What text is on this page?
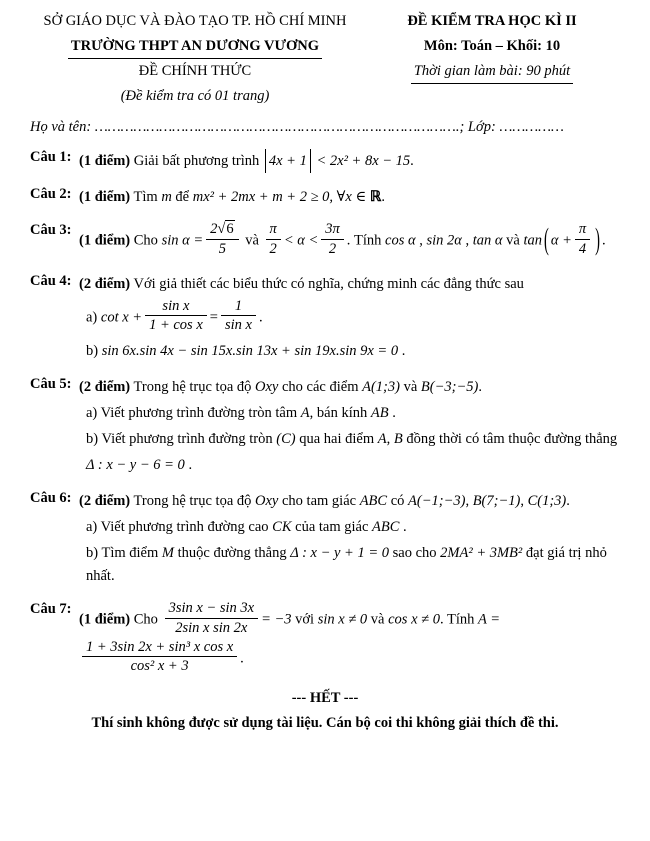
SỞ GIÁO DỤC VÀ ĐÀO TẠO TP. HỒ CHÍ MINH
TRƯỜNG THPT AN DƯƠNG VƯƠNG
ĐỀ CHÍNH THỨC
(Đề kiểm tra có 01 trang)
ĐỀ KIỂM TRA HỌC KÌ II
Môn: Toán – Khối: 10
Thời gian làm bài: 90 phút
Họ và tên: ………………………………………………………………………….; Lớp: ……………
Câu 1: (1 điểm) Giải bất phương trình 4x + 1 < 2x² + 8x − 15.
Câu 2: (1 điểm) Tìm m để mx² + 2mx + m + 2 ≥ 0, ∀x ∈ ℝ.
Câu 3:
(1 điểm) Cho $\sin \alpha = \frac{2√6}{5}$ và $\frac{\pi}{2} < \alpha < \frac{3\pi}{2}$ . Tính cos α , sin 2α , tan α và tan ( $\alpha + \frac{\pi}{4}$ ) .
Câu 4: (2 điểm) Với giả thiết các biểu thức có nghĩa, chứng minh các đẳng thức sau
a) $\cot x + \frac{\text{sin x}}{\text{1 + cos x}} = \frac{1}{\text{sin x}}$ .
b) sin 6x.sin 4x − sin 15x.sin 13x + sin 19x.sin 9x = 0 .
Câu 5: (2 điểm) Trong hệ trục tọa độ Oxy cho các điểm A(1;3) và B(−3;−5).
a) Viết phương trình đường tròn tâm A, bán kính AB .
b) Viết phương trình đường tròn (C) qua hai điểm A, B đồng thời có tâm thuộc đường thẳng
Δ : x − y − 6 = 0 .
Câu 6: (2 điểm) Trong hệ trục tọa độ Oxy cho tam giác ABC có A(−1;−3), B(7;−1), C(1;3).
a) Viết phương trình đường cao CK của tam giác ABC .
b) Tìm điểm M thuộc đường thẳng Δ : x − y + 1 = 0 sao cho 2MA² + 3MB² đạt giá trị nhỏ nhất.
Câu 7:
(1 điểm) Cho $\frac{\text{3sin x − sin 3x}}{\text{2sin x sin 2x}} = -3$ với sin x ≠ 0 và cos x ≠ 0. Tính A =
$\frac{\text{1 + 3sin 2x + sin³ x cos x}}{\text{cos² x + 3}}$ .
--- HẾT ---
Thí sinh không được sử dụng tài liệu. Cán bộ coi thi không giải thích đề thi.
